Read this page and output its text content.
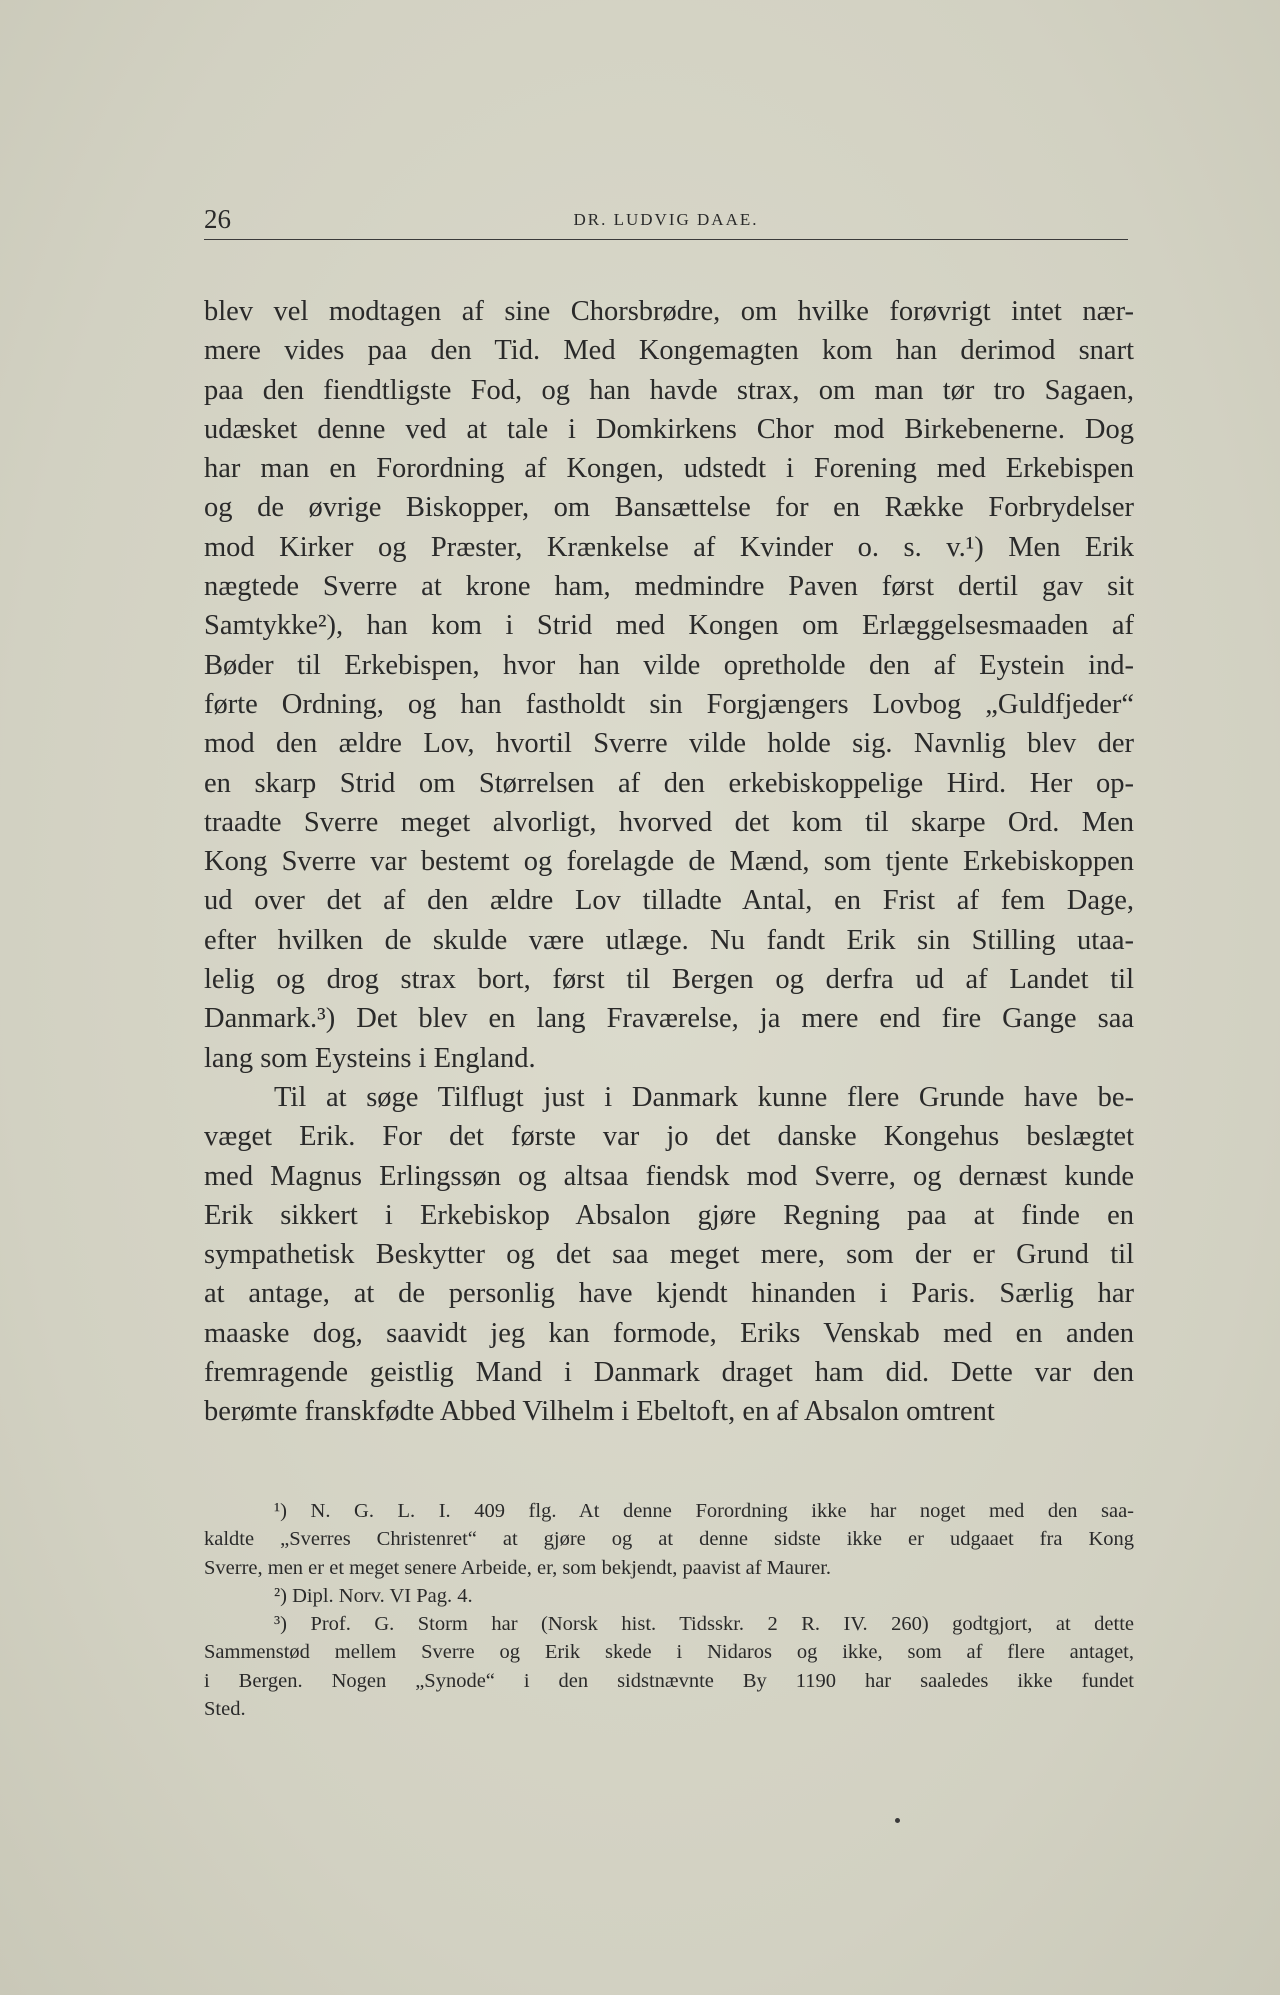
26	DR. LUDVIG DAAE.

blev vel modtagen af sine Chorsbrødre, om hvilke forøvrigt intet nær-
mere vides paa den Tid. Med Kongemagten kom han derimod snart
paa den fiendtligste Fod, og han havde strax, om man tør tro Sagaen,
udæsket denne ved at tale i Domkirkens Chor mod Birkebenerne. Dog
har man en Forordning af Kongen, udstedt i Forening med Erkebispen
og de øvrige Biskopper, om Bansættelse for en Række Forbrydelser
mod Kirker og Præster, Krænkelse af Kvinder o. s. v.¹) Men Erik
nægtede Sverre at krone ham, medmindre Paven først dertil gav sit
Samtykke²), han kom i Strid med Kongen om Erlæggelsesmaaden af
Bøder til Erkebispen, hvor han vilde opretholde den af Eystein ind-
førte Ordning, og han fastholdt sin Forgjængers Lovbog „Guldfjeder“
mod den ældre Lov, hvortil Sverre vilde holde sig. Navnlig blev der
en skarp Strid om Størrelsen af den erkebiskoppelige Hird. Her op-
traadte Sverre meget alvorligt, hvorved det kom til skarpe Ord. Men
Kong Sverre var bestemt og forelagde de Mænd, som tjente Erkebiskoppen
ud over det af den ældre Lov tilladte Antal, en Frist af fem Dage,
efter hvilken de skulde være utlæge. Nu fandt Erik sin Stilling utaa-
lelig og drog strax bort, først til Bergen og derfra ud af Landet til
Danmark.³) Det blev en lang Fraværelse, ja mere end fire Gange saa
lang som Eysteins i England.

Til at søge Tilflugt just i Danmark kunne flere Grunde have be-
væget Erik. For det første var jo det danske Kongehus beslægtet
med Magnus Erlingssøn og altsaa fiendsk mod Sverre, og dernæst kunde
Erik sikkert i Erkebiskop Absalon gjøre Regning paa at finde en
sympathetisk Beskytter og det saa meget mere, som der er Grund til
at antage, at de personlig have kjendt hinanden i Paris. Særlig har
maaske dog, saavidt jeg kan formode, Eriks Venskab med en anden
fremragende geistlig Mand i Danmark draget ham did. Dette var den
berømte franskfødte Abbed Vilhelm i Ebeltoft, en af Absalon omtrent

¹) N. G. L. I. 409 flg. At denne Forordning ikke har noget med den saa-
kaldte „Sverres Christenret“ at gjøre og at denne sidste ikke er udgaaet fra Kong
Sverre, men er et meget senere Arbeide, er, som bekjendt, paavist af Maurer.

²) Dipl. Norv. VI Pag. 4.

³) Prof. G. Storm har (Norsk hist. Tidsskr. 2 R. IV. 260) godtgjort, at dette
Sammenstød mellem Sverre og Erik skede i Nidaros og ikke, som af flere antaget,
i Bergen. Nogen „Synode“ i den sidstnævnte By 1190 har saaledes ikke fundet
Sted.
